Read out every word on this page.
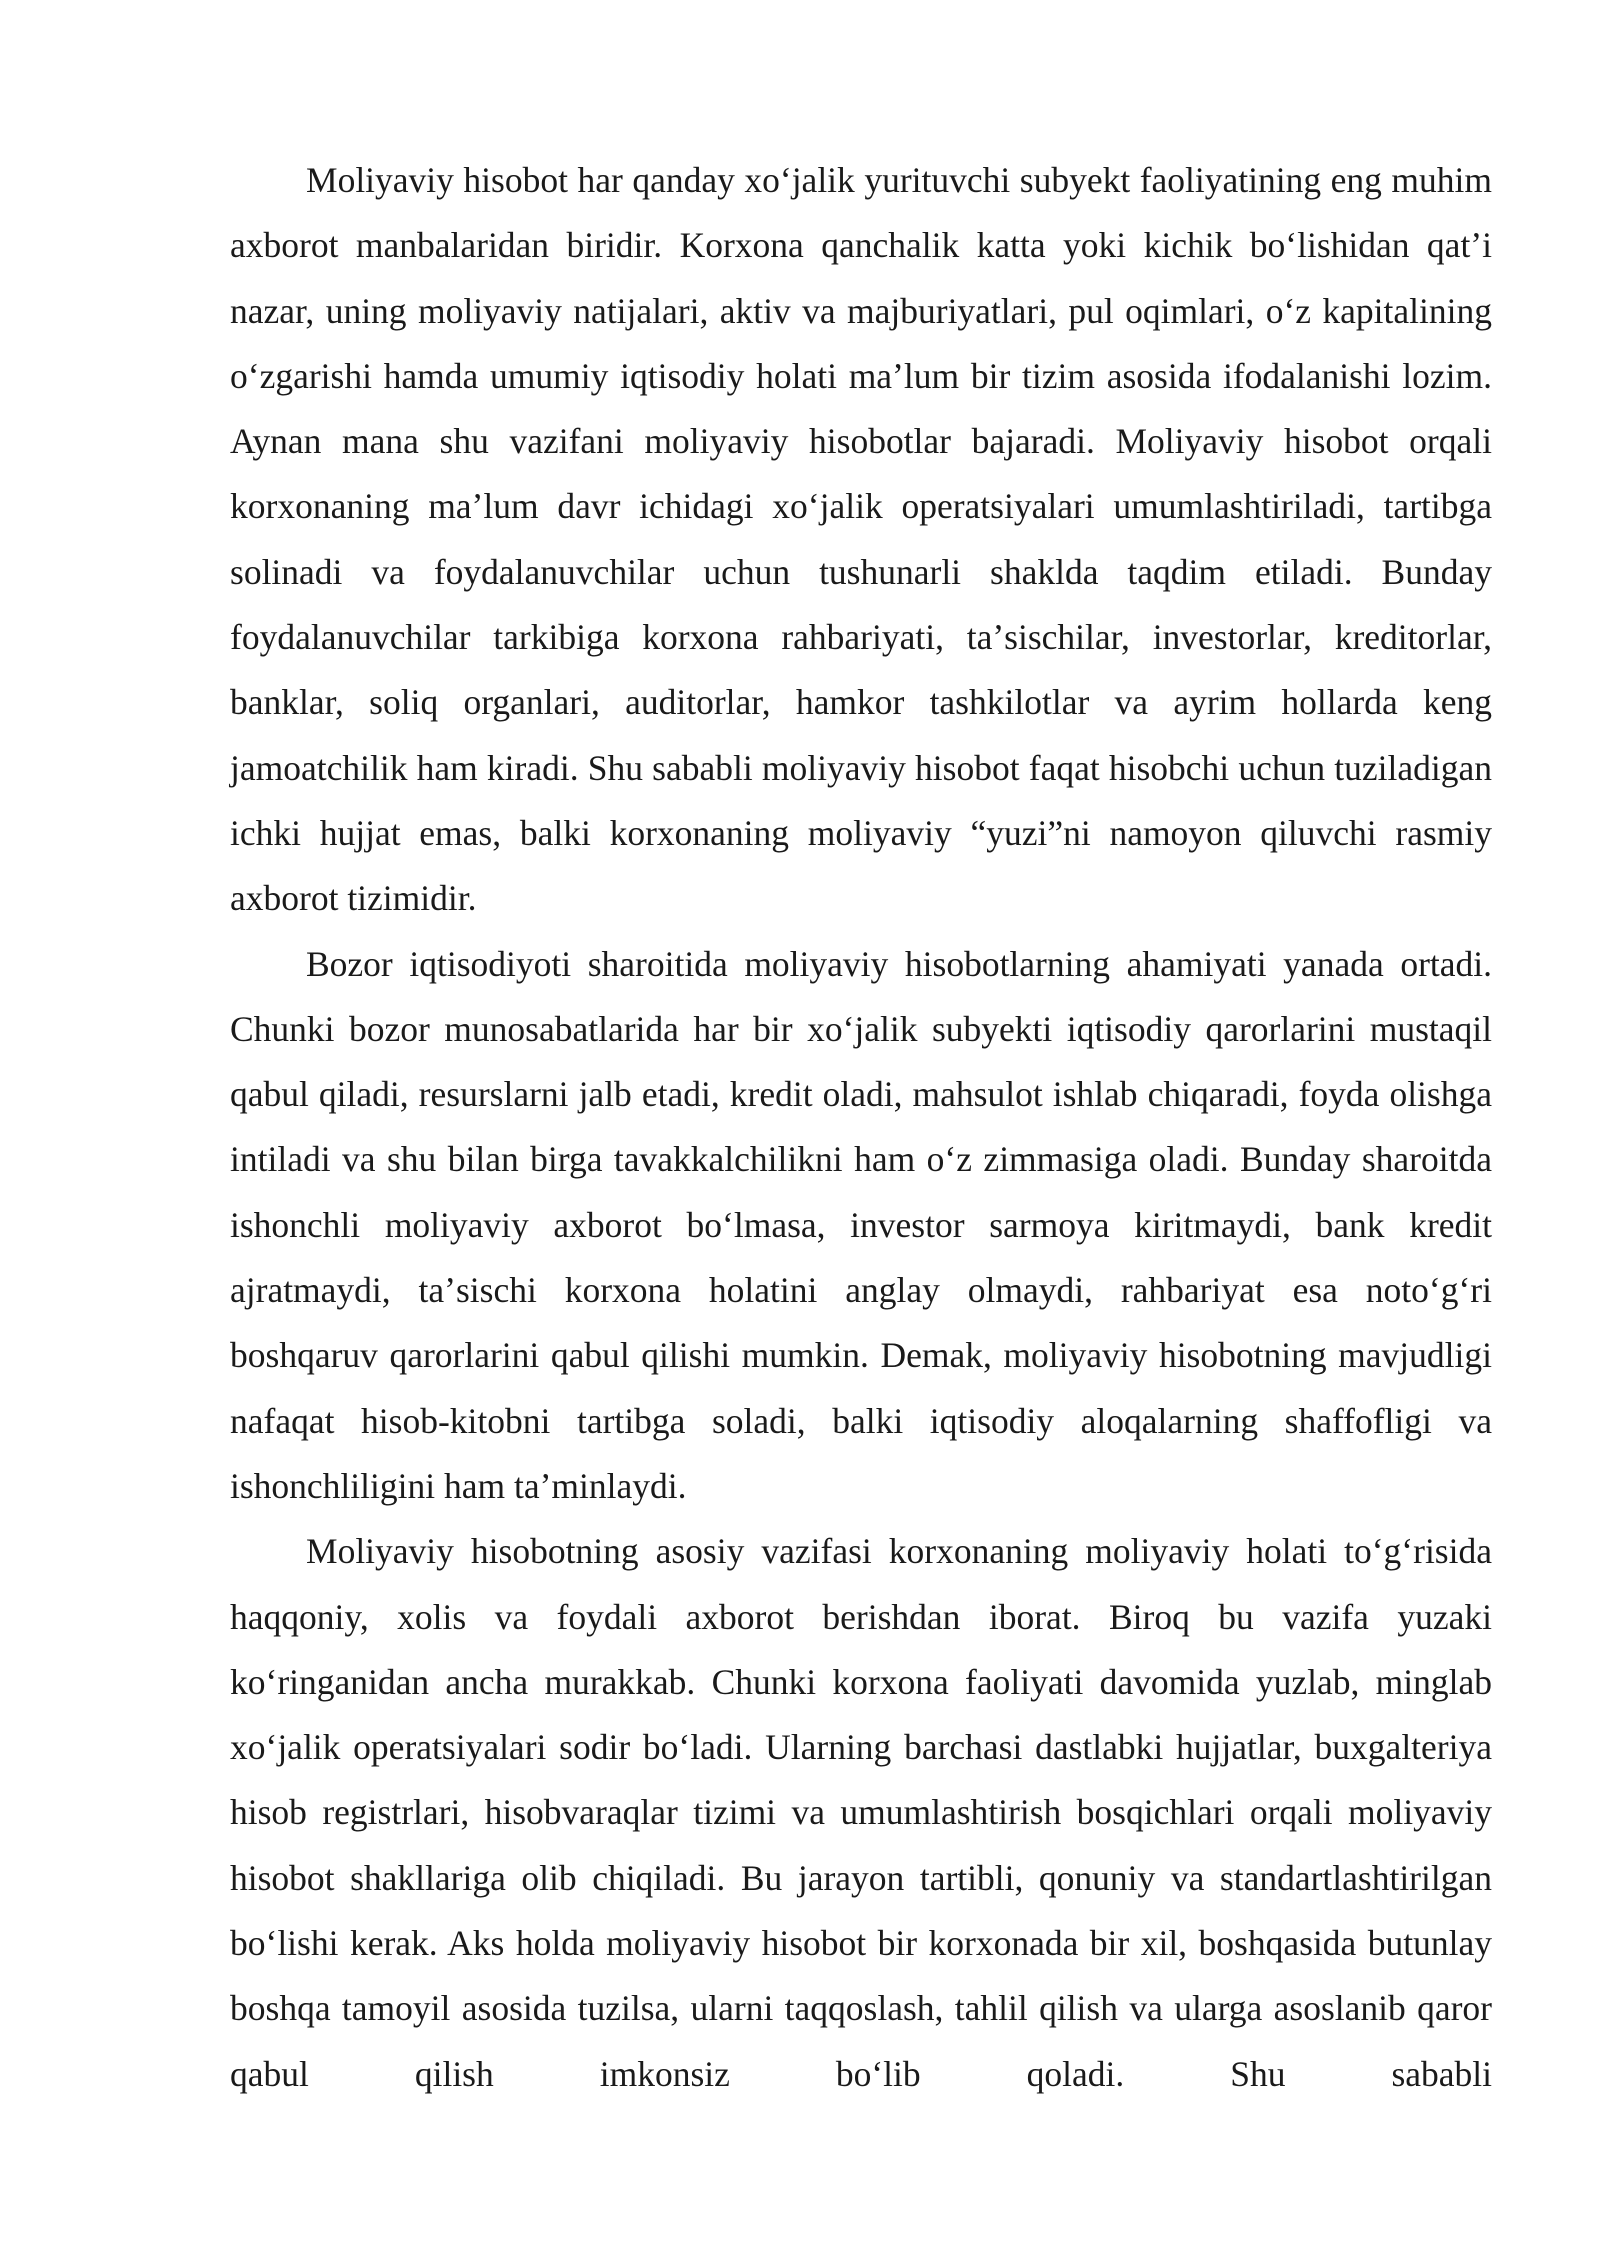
Moliyaviy hisobot har qanday xoʻjalik yurituvchi subyekt faoliyatining eng muhim axborot manbalaridan biridir. Korxona qanchalik katta yoki kichik boʻlishidan qatʼi nazar, uning moliyaviy natijalari, aktiv va majburiyatlari, pul oqimlari, oʻz kapitalining oʻzgarishi hamda umumiy iqtisodiy holati maʼlum bir tizim asosida ifodalanishi lozim. Aynan mana shu vazifani moliyaviy hisobotlar bajaradi. Moliyaviy hisobot orqali korxonaning maʼlum davr ichidagi xoʻjalik operatsiyalari umumlashtiriladi, tartibga solinadi va foydalanuvchilar uchun tushunarli shaklda taqdim etiladi. Bunday foydalanuvchilar tarkibiga korxona rahbariyati, taʼsischilar, investorlar, kreditorlar, banklar, soliq organlari, auditorlar, hamkor tashkilotlar va ayrim hollarda keng jamoatchilik ham kiradi. Shu sababli moliyaviy hisobot faqat hisobchi uchun tuziladigan ichki hujjat emas, balki korxonaning moliyaviy “yuzi”ni namoyon qiluvchi rasmiy axborot tizimidir.

Bozor iqtisodiyoti sharoitida moliyaviy hisobotlarning ahamiyati yanada ortadi. Chunki bozor munosabatlarida har bir xoʻjalik subyekti iqtisodiy qarorlarini mustaqil qabul qiladi, resurslarni jalb etadi, kredit oladi, mahsulot ishlab chiqaradi, foyda olishga intiladi va shu bilan birga tavakkalchilikni ham oʻz zimmasiga oladi. Bunday sharoitda ishonchli moliyaviy axborot boʻlmasa, investor sarmoya kiritmaydi, bank kredit ajratmaydi, taʼsischi korxona holatini anglay olmaydi, rahbariyat esa notoʻgʻri boshqaruv qarorlarini qabul qilishi mumkin. Demak, moliyaviy hisobotning mavjudligi nafaqat hisob-kitobni tartibga soladi, balki iqtisodiy aloqalarning shaffofligi va ishonchliligini ham taʼminlaydi.

Moliyaviy hisobotning asosiy vazifasi korxonaning moliyaviy holati toʻgʻrisida haqqoniy, xolis va foydali axborot berishdan iborat. Biroq bu vazifa yuzaki koʻringanidan ancha murakkab. Chunki korxona faoliyati davomida yuzlab, minglab xoʻjalik operatsiyalari sodir boʻladi. Ularning barchasi dastlabki hujjatlar, buxgalteriya hisob registrlari, hisobvaraqlar tizimi va umumlashtirish bosqichlari orqali moliyaviy hisobot shakllariga olib chiqiladi. Bu jarayon tartibli, qonuniy va standartlashtirilgan boʻlishi kerak. Aks holda moliyaviy hisobot bir korxonada bir xil, boshqasida butunlay boshqa tamoyil asosida tuzilsa, ularni taqqoslash, tahlil qilish va ularga asoslanib qaror qabul qilish imkonsiz boʻlib qoladi. Shu sababli
